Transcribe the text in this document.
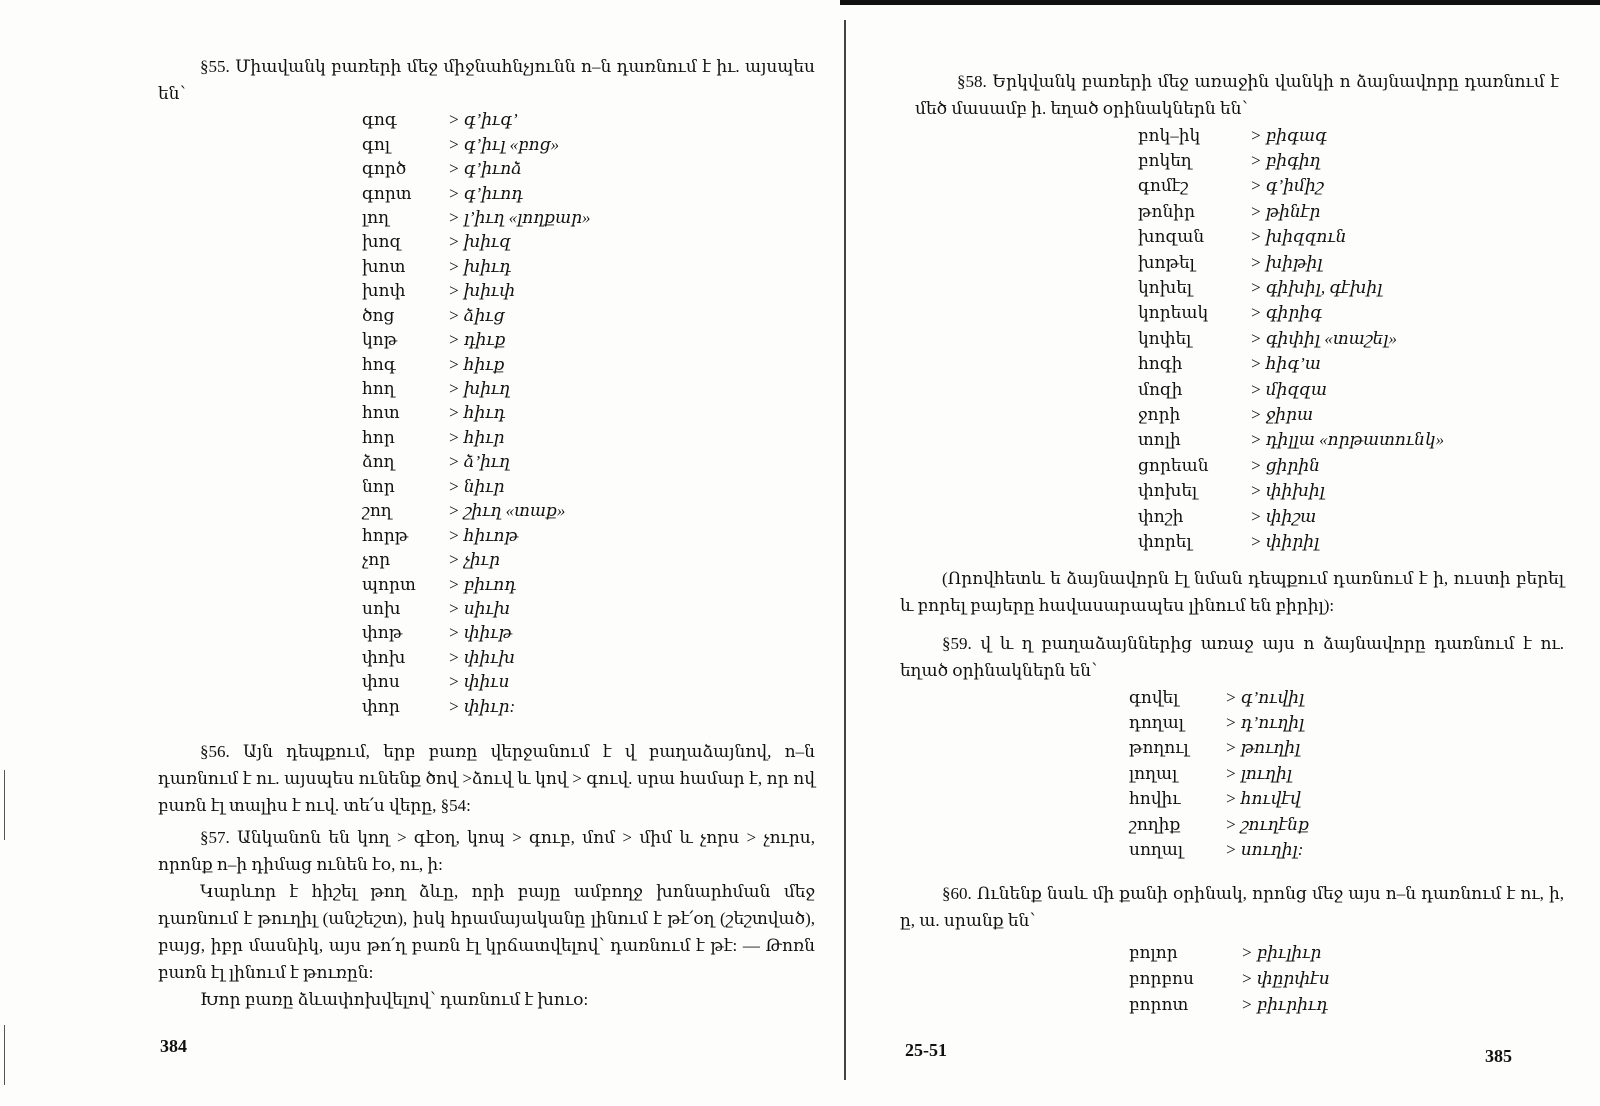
§55. Միավանկ բառերի մեջ միջնահնչյունն ո–ն դառնում է իւ. այսպես են՝

գոգ	> գ’իւգ’
գոլ	> գ’իւլ «բոց»
գործ	> գ’իւոձ
գորտ	> գ’իւոդ
լող	> լ’իւղ «լողքար»
խոզ	> խիւզ
խոտ	> խիւդ
խոփ	> խիւփ
ծոց	> ձիւց
կոթ	> դիւք
հոգ	> հիւք
հող	> խիւղ
հոտ	> հիւդ
հոր	> հիւր
ձող	> ձ’իւղ
նոր	> նիւր
շող	> շիւղ «տաք»
հորթ	> հիւոթ
չոր	> չիւր
պորտ	> բիւոդ
սոխ	> սիւխ
փոթ	> փիւթ
փոխ	> փիւխ
փոս	> փիւս
փոր	> փիւր:

§56. Այն դեպքում, երբ բառը վերջանում է վ բաղաձայնով, ո–ն դառնում է ու. այսպես ունենք ծով >ձուվ և կով > գուվ. սրա համար է, որ ով բառն էլ տալիս է ուվ. տե՛ս վերը, §54:

§57. Անկանոն են կող > գէօղ, կոպ > գուբ, մոմ > միմ և չորս > չուրս, որոնք ո–ի դիմաց ունեն էօ, ու, ի:

Կարևոր է հիշել թող ձևը, որի բայը ամբողջ խոնարհման մեջ դառնում է թուղիլ (անշեշտ), իսկ հրամայականը լինում է թէ՛օղ (շեշտված), բայց, իբր մասնիկ, այս թո՛ղ բառն էլ կրճատվելով՝ դառնում է թէ: — Թոռն բառն էլ լինում է թուռըն:

Խոր բառը ձևափոխվելով՝ դառնում է խուօ:

384

§58. Երկվանկ բառերի մեջ առաջին վանկի ո ձայնավորը դառնում է մեծ մասամբ ի. եղած օրինակներն են՝

բոկ–իկ	> բիգագ
բոկեղ	> բիգիղ
գոմէշ	> գ’իմիշ
թոնիր	> թինէր
խոզան	> խիզզուն
խոթել	> խիթիլ
կոխել	> գիխիլ, գէխիլ
կորեակ	> գիրիգ
կոփել	> գիփիլ «տաշել»
հոգի	> հիգ’ա
մոզի	> միզզա
ջորի	> ջիրա
տոլի	> դիլլա «որթատունկ»
ցորեան	> ցիրին
փոխել	> փիխիլ
փոշի	> փիշա
փորել	> փիրիլ

(Որովհետև ե ձայնավորն էլ նման դեպքում դառնում է ի, ուստի բերել և բորել բայերը հավասարապես լինում են բիրիլ):

§59. վ և ղ բաղաձայններից առաջ այս ո ձայնավորը դառնում է ու. եղած օրինակներն են՝

գովել	> գ’ուվիլ
դողալ	> դ’ուղիլ
թողուլ	> թուղիլ
լողալ	> լուղիլ
հովիւ	> հուվէվ
շողիք	> շուղէնք
սողալ	> սուղիլ:

§60. Ունենք նաև մի քանի օրինակ, որոնց մեջ այս ո–ն դառնում է ու, ի, ը, ա. սրանք են՝

բոլոր	> բիւլիւր
բորբոս	> փըրփէս
բորոտ	> բիւրիւդ
25-51	385
